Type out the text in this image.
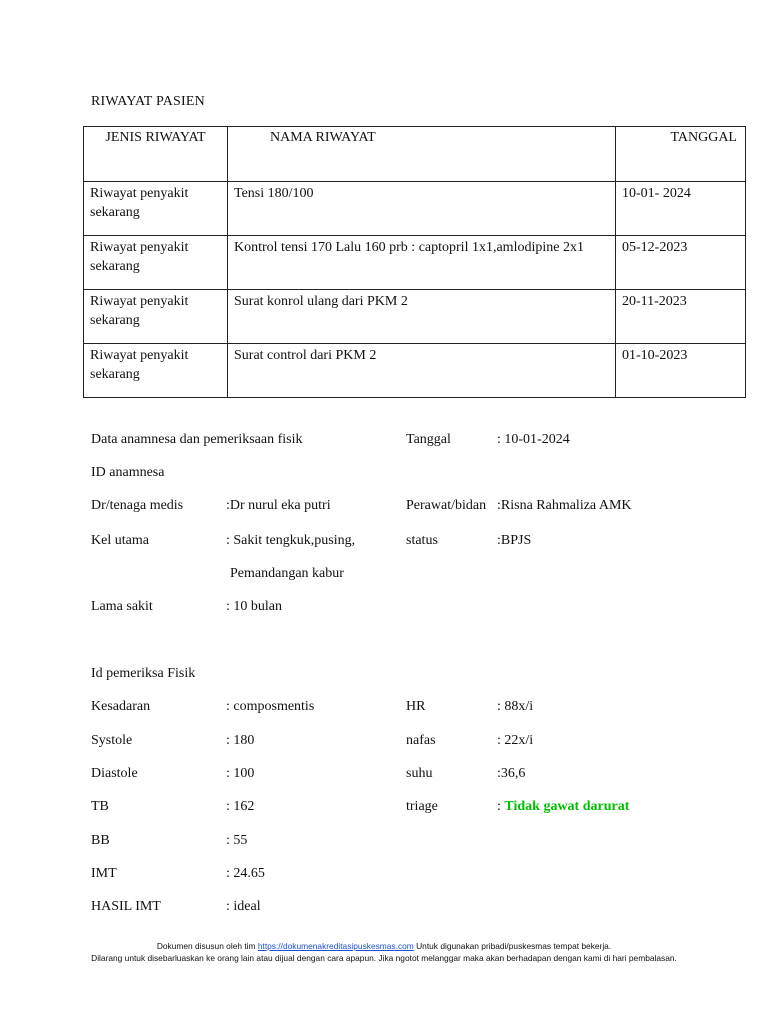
RIWAYAT PASIEN
JENIS RIWAYAT	NAMA RIWAYAT	TANGGAL
Riwayat penyakit sekarang	Tensi 180/100	10-01- 2024
Riwayat penyakit sekarang	Kontrol tensi 170 Lalu 160 prb : captopril 1x1,amlodipine 2x1	05-12-2023
Riwayat penyakit sekarang	Surat konrol ulang dari PKM 2	20-11-2023
Riwayat penyakit sekarang	Surat control dari PKM 2	01-10-2023
Data anamnesa dan pemeriksaan fisik	Tanggal	: 10-01-2024
ID anamnesa
Dr/tenaga medis	:Dr nurul eka putri	Perawat/bidan :Risna Rahmaliza AMK
Kel utama	: Sakit tengkuk,pusing,	status	:BPJS
Pemandangan kabur
Lama sakit	: 10 bulan
Id pemeriksa Fisik
Kesadaran	: composmentis	HR	: 88x/i
Systole	: 180	nafas	: 22x/i
Diastole	: 100	suhu	:36,6
TB	: 162	triage	: Tidak gawat darurat
BB	: 55
IMT	: 24.65
HASIL IMT	: ideal
Dokumen disusun oleh tim https://dokumenakreditasipuskesmas.com Untuk digunakan pribadi/puskesmas tempat bekerja.
Dilarang untuk disebarluaskan ke orang lain atau dijual dengan cara apapun. Jika ngotot melanggar maka akan berhadapan dengan kami di hari pembalasan.
